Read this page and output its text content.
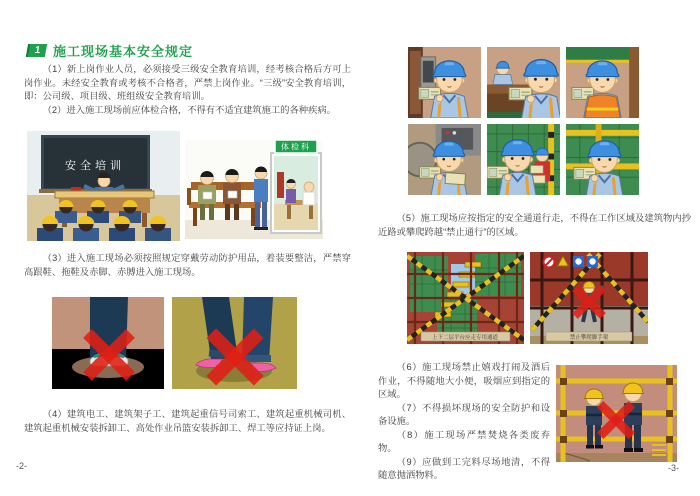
1 施工现场基本安全规定

（1）新上岗作业人员，必须接受三级安全教育培训，经考核合格后方可上岗作业。未经安全教育或考核不合格者，严禁上岗作业。“三级”安全教育培训，即：公司级、项目级、班组级安全教育培训。

（2）进入施工现场前应体检合格，不得有不适宜建筑施工的各种疾病。

安全培训
体检科

（3）进入施工现场必须按照规定穿戴劳动防护用品，着装要整洁，严禁穿高跟鞋、拖鞋及赤脚、赤膊进入施工现场。

（4）建筑电工、建筑架子工、建筑起重信号司索工、建筑起重机械司机、建筑起重机械安装拆卸工、高处作业吊篮安装拆卸工、焊工等应持证上岗。

-2-

（5）施工现场应按指定的安全通道行走，不得在工作区域及建筑物内抄近路或攀爬跨越“禁止通行”的区域。

上下二层平台应走专用通道	禁止攀爬脚手架

（6）施工现场禁止嬉戏打闹及酒后作业，不得随地大小便，吸烟应到指定的区域。

（7）不得损坏现场的安全防护和设备设施。

（8）施工现场严禁焚烧各类废弃物。

（9）应做到工完料尽场地清，不得随意抛洒物料。

-3-
